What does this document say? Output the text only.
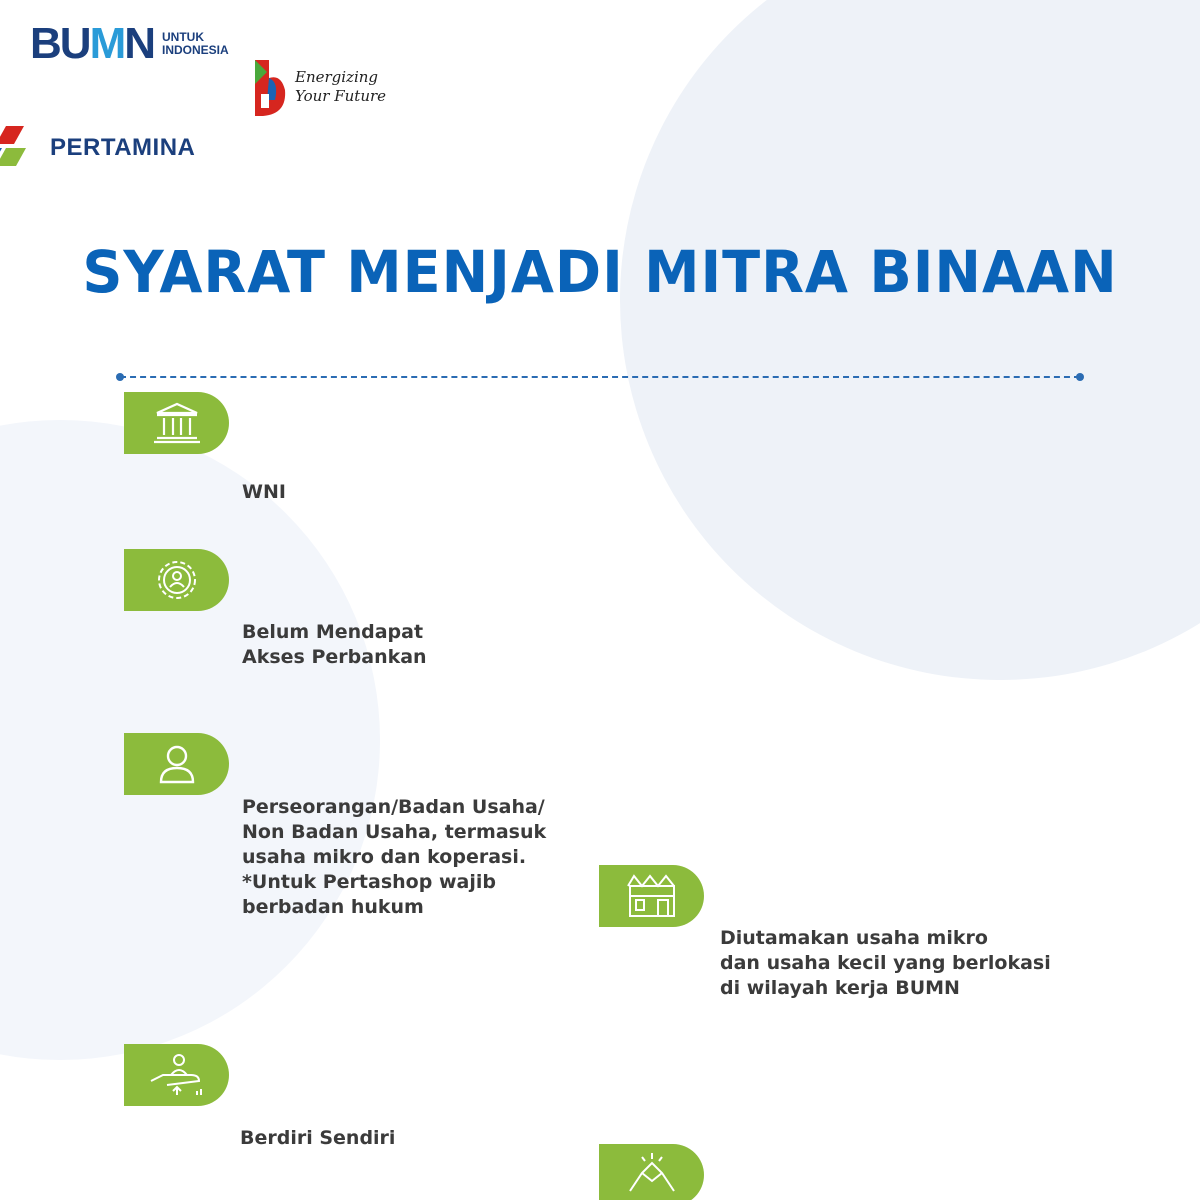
BUMN UNTUK
INDONESIA
Energizing
Your Future
PERTAMINA
SYARAT MENJADI MITRA BINAAN
WNI
Belum Mendapat
Akses Perbankan
Perseorangan/Badan Usaha/
Non Badan Usaha, termasuk
usaha mikro dan koperasi.
*Untuk Pertashop wajib
berbadan hukum
Berdiri Sendiri
Diutamakan usaha mikro
dan usaha kecil yang berlokasi
di wilayah kerja BUMN
